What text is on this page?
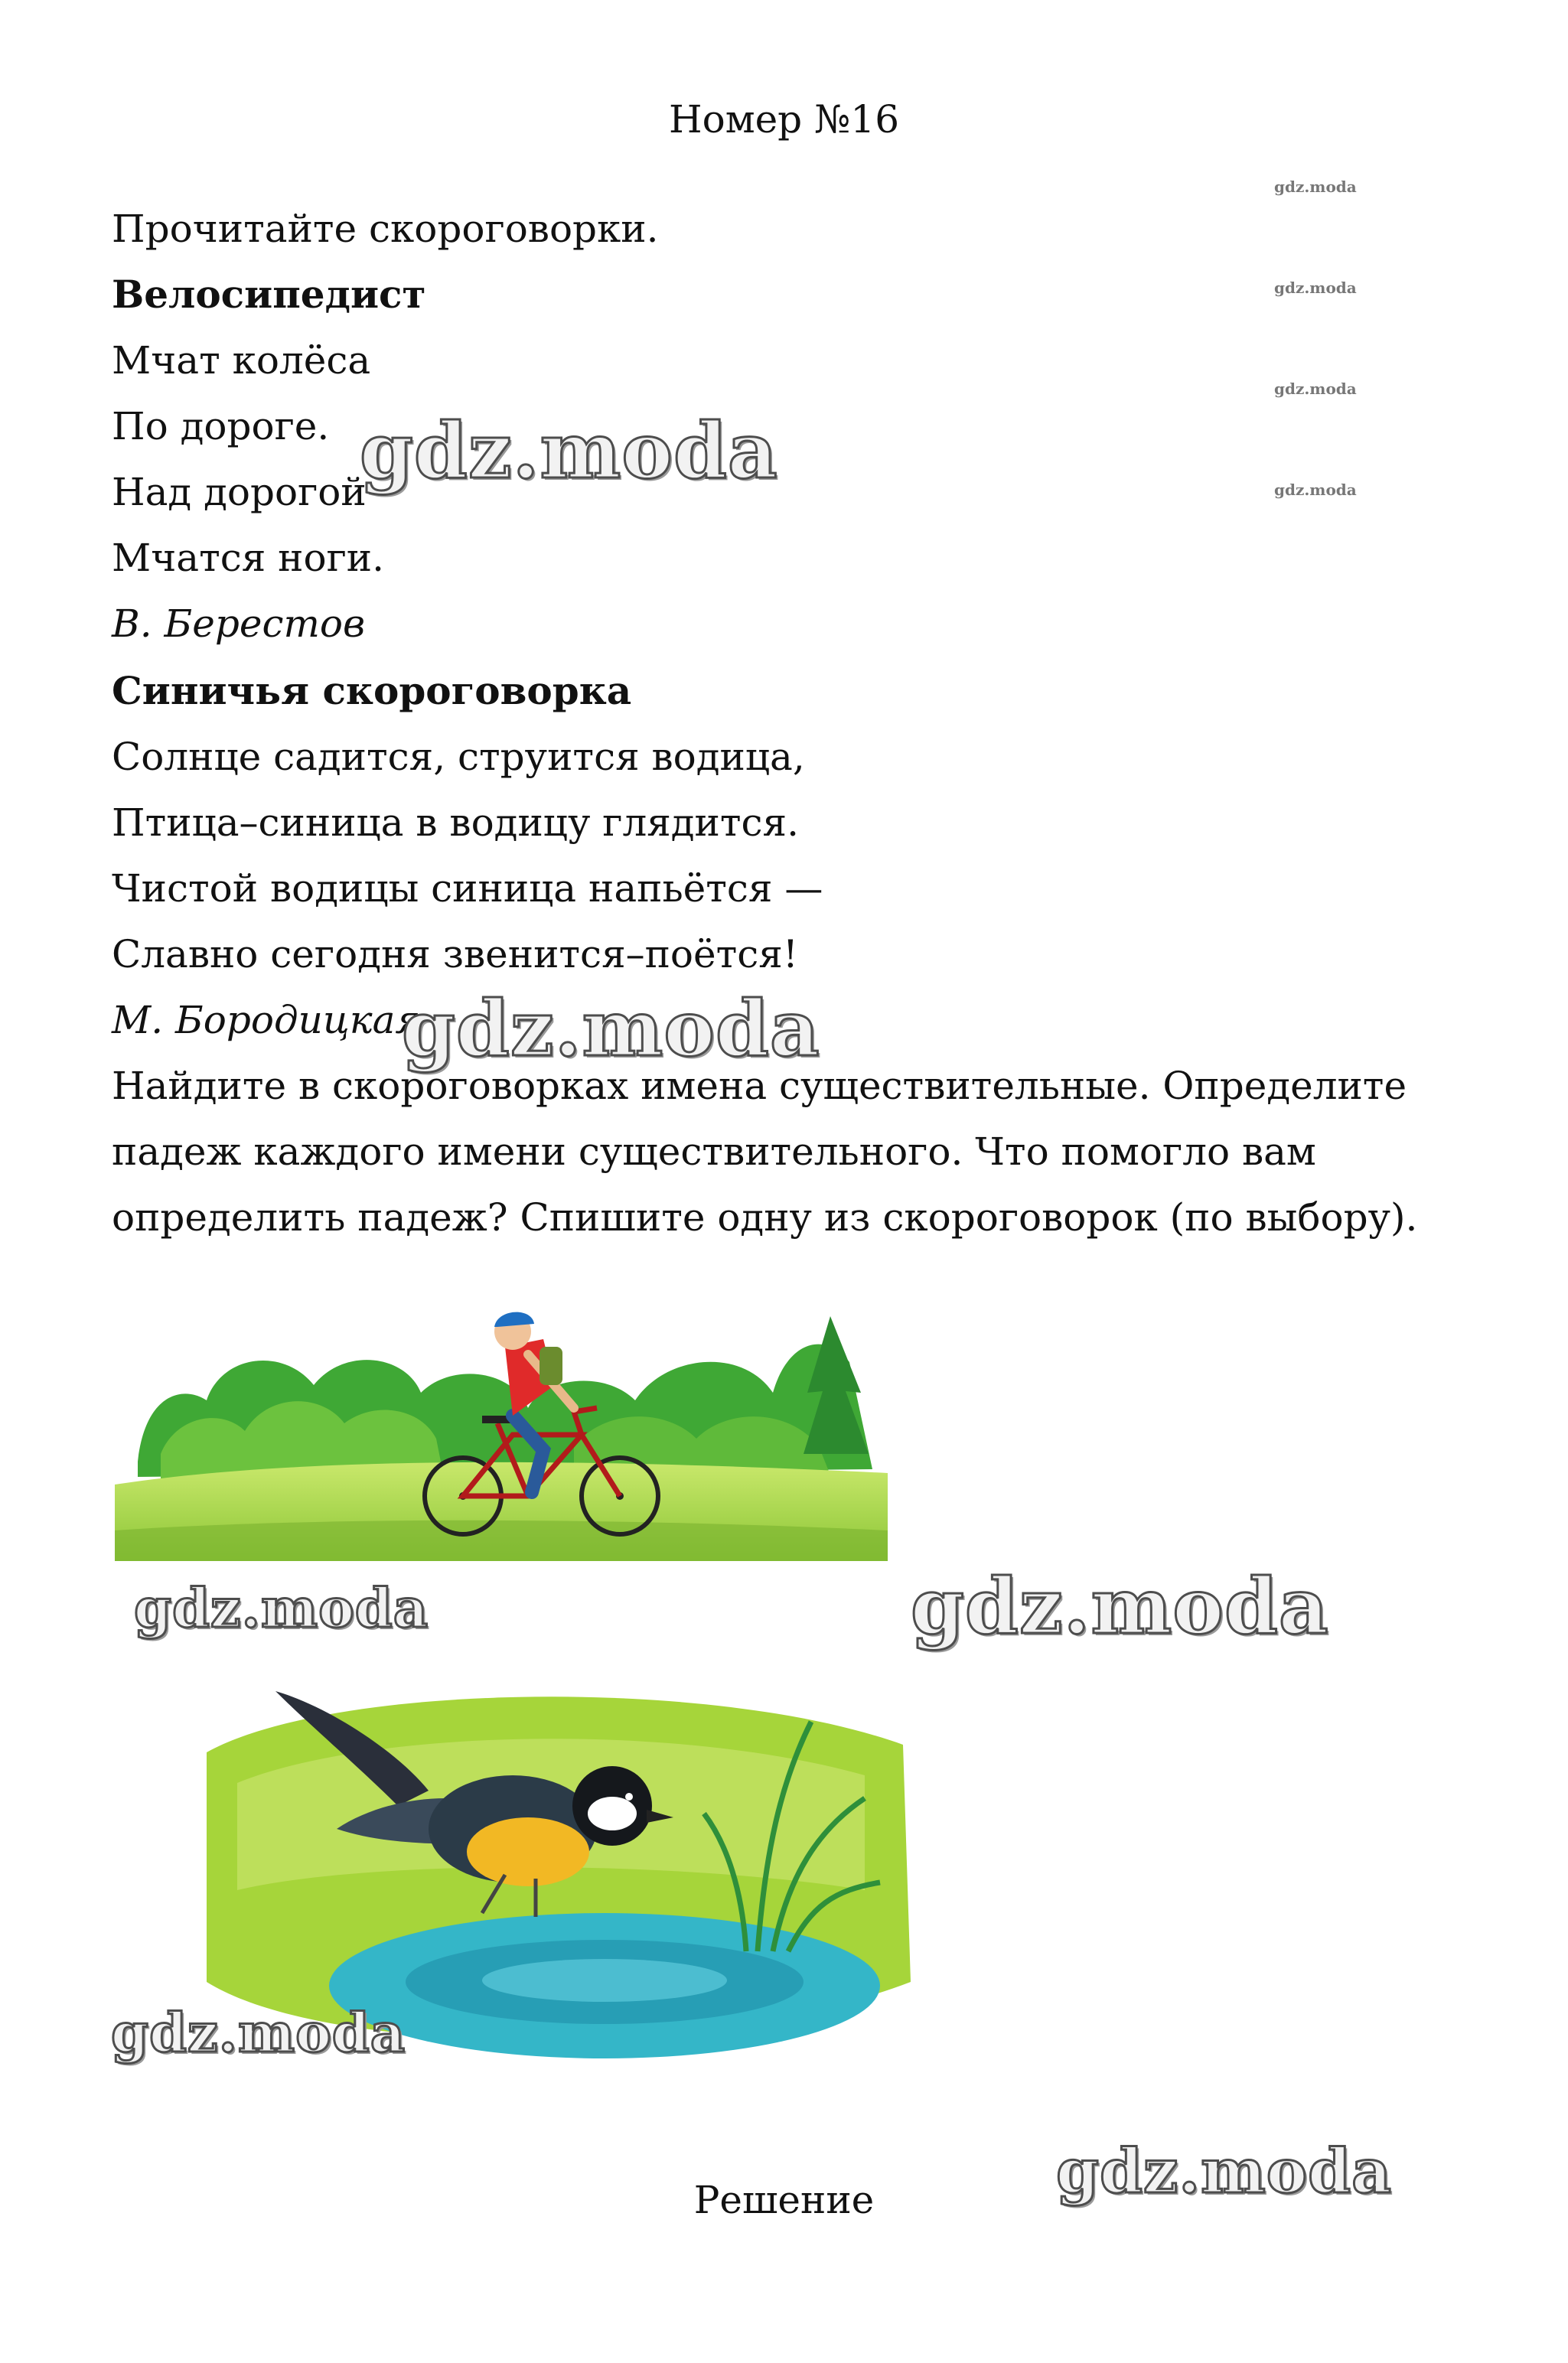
Номер №16
gdz.moda
gdz.moda
gdz.moda
gdz.moda
Прочитайте скороговорки.
Велосипедист
Мчат колёса
По дороге.
Над дорогой
Мчатся ноги.
В. Берестов
gdz.moda
Синичья скороговорка
Солнце садится, струится водица,
Птица–синица в водицу глядится.
Чистой водицы синица напьётся —
Славно сегодня звенится–поётся!
М. Бородицкая
gdz.moda
Найдите в скороговорках имена существительные. Определите
падеж каждого имени существительного. Что помогло вам
определить падеж? Спишите одну из скороговорок (по выбору).
gdz.moda	gdz.moda
gdz.moda
gdz.moda
Решение
